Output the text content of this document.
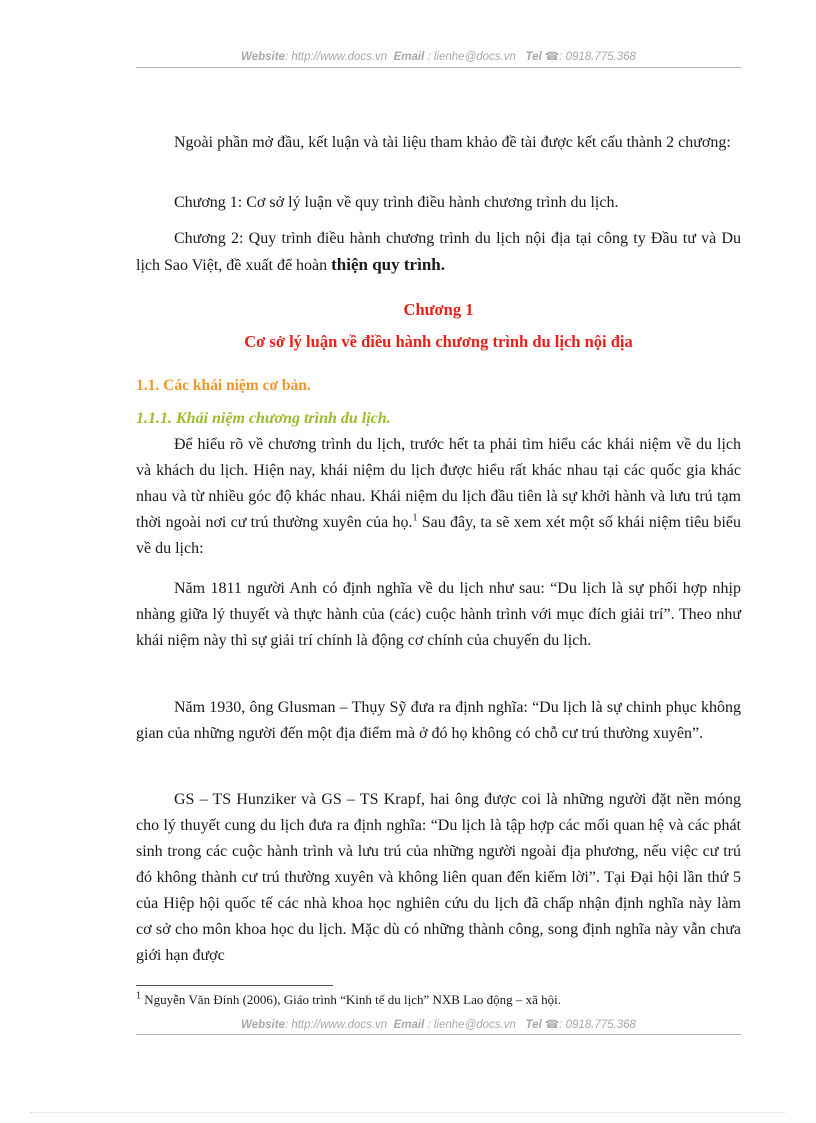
Website: http://www.docs.vn Email : lienhe@docs.vn Tel ☎: 0918.775.368

Ngoài phần mở đầu, kết luận và tài liệu tham khảo đề tài được kết cấu thành 2 chương:

Chương 1: Cơ sở lý luận về quy trình điều hành chương trình du lịch.

Chương 2: Quy trình điều hành chương trình du lịch nội địa tại công ty Đầu tư và Du lịch Sao Việt, đề xuất để hoàn thiện quy trình.

Chương 1

Cơ sở lý luận về điều hành chương trình du lịch nội địa

1.1. Các khái niệm cơ bản.

1.1.1. Khái niệm chương trình du lịch.

Để hiểu rõ về chương trình du lịch, trước hết ta phải tìm hiểu các khái niệm về du lịch và khách du lịch. Hiện nay, khái niệm du lịch được hiểu rất khác nhau tại các quốc gia khác nhau và từ nhiều góc độ khác nhau. Khái niệm du lịch đầu tiên là sự khởi hành và lưu trú tạm thời ngoài nơi cư trú thường xuyên của họ.$^1$ Sau đây, ta sẽ xem xét một số khái niệm tiêu biểu về du lịch:

Năm 1811 người Anh có định nghĩa về du lịch như sau: “Du lịch là sự phối hợp nhịp nhàng giữa lý thuyết và thực hành của (các) cuộc hành trình với mục đích giải trí”. Theo như khái niệm này thì sự giải trí chính là động cơ chính của chuyến du lịch.

Năm 1930, ông Glusman – Thụy Sỹ đưa ra định nghĩa: “Du lịch là sự chinh phục không gian của những người đến một địa điểm mà ở đó họ không có chỗ cư trú thường xuyên”.

GS – TS Hunziker và GS – TS Krapf, hai ông được coi là những người đặt nền móng cho lý thuyết cung du lịch đưa ra định nghĩa: “Du lịch là tập hợp các mối quan hệ và các phát sinh trong các cuộc hành trình và lưu trú của những người ngoài địa phương, nếu việc cư trú đó không thành cư trú thường xuyên và không liên quan đến kiếm lời”. Tại Đại hội lần thứ 5 của Hiệp hội quốc tế các nhà khoa học nghiên cứu du lịch đã chấp nhận định nghĩa này làm cơ sở cho môn khoa học du lịch. Mặc dù có những thành công, song định nghĩa này vẫn chưa giới hạn được

$^1$ Nguyễn Văn Đính (2006), Giáo trình “Kinh tế du lịch” NXB Lao động – xã hội.
Website: http://www.docs.vn Email : lienhe@docs.vn Tel ☎: 0918.775.368
